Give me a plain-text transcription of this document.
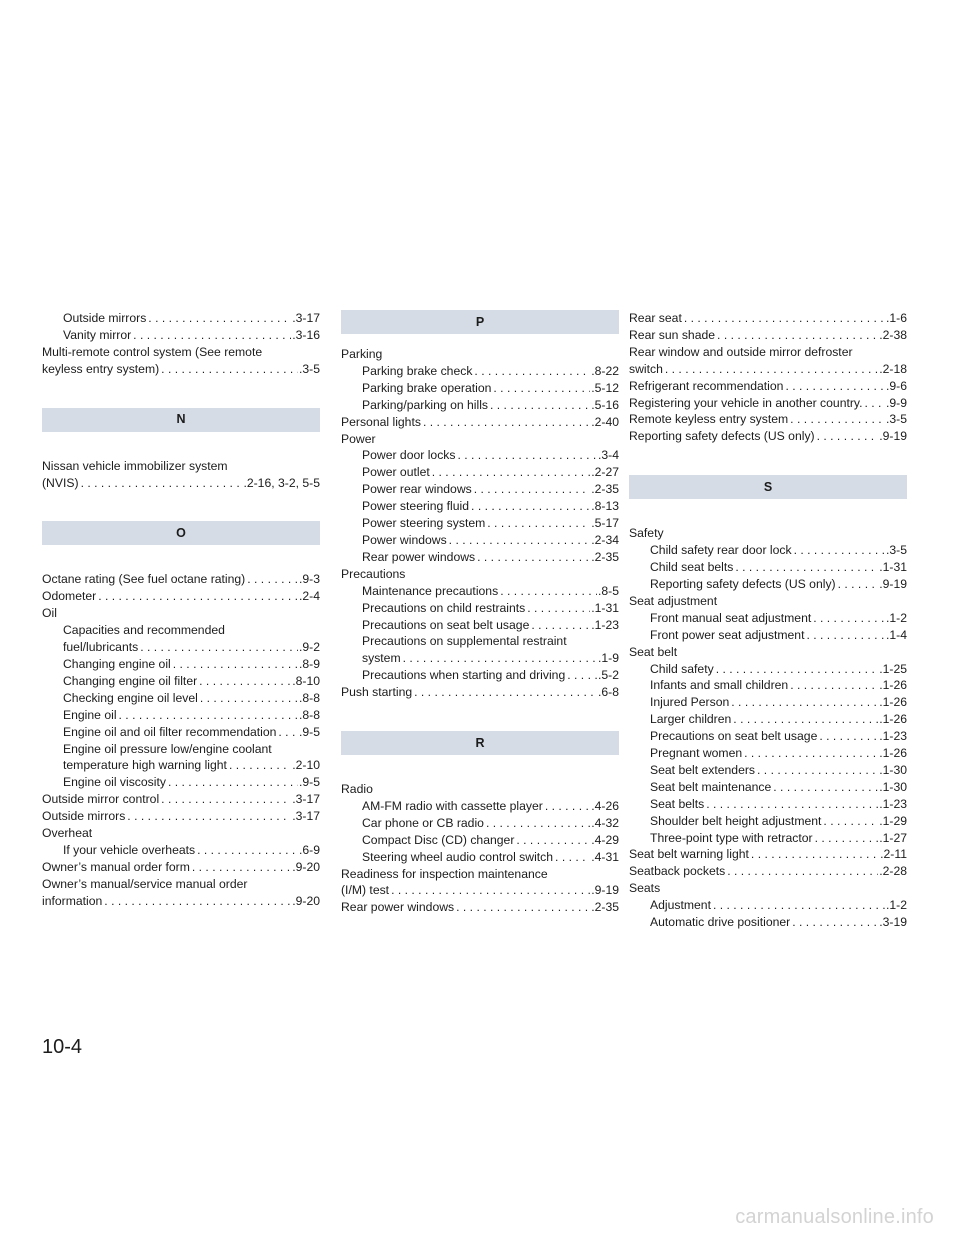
Outside mirrors . . .	.3-17
Vanity mirror . . .	.3-16
Multi-remote control system (See remote
keyless entry system) . . .	.3-5
N
Nissan vehicle immobilizer system
(NVIS) . . .	.2-16, 3-2, 5-5
O
Octane rating (See fuel octane rating) . . .	.9-3
Odometer . . .	.2-4
Oil
Capacities and recommended
fuel/lubricants . . .	.9-2
Changing engine oil . . .	.8-9
Changing engine oil filter . . .	.8-10
Checking engine oil level . . .	.8-8
Engine oil . . .	.8-8
Engine oil and oil filter recommendation . . . .9-5
Engine oil pressure low/engine coolant
temperature high warning light . . .	.2-10
Engine oil viscosity . . .	.9-5
Outside mirror control . . .	.3-17
Outside mirrors . . .	.3-17
Overheat
If your vehicle overheats . . .	.6-9
Owner’s manual order form . . .	.9-20
Owner’s manual/service manual order
information . . .	.9-20
P
Parking
Parking brake check . . .	.8-22
Parking brake operation . . .	.5-12
Parking/parking on hills . . .	.5-16
Personal lights . . .	.2-40
Power
Power door locks . . .	.3-4
Power outlet . . .	.2-27
Power rear windows . . .	.2-35
Power steering fluid . . .	.8-13
Power steering system . . .	.5-17
Power windows . . .	.2-34
Rear power windows . . .	.2-35
Precautions
Maintenance precautions . . .	.8-5
Precautions on child restraints . . .	.1-31
Precautions on seat belt usage . . .	.1-23
Precautions on supplemental restraint
system . . .	.1-9
Precautions when starting and driving . . .	.5-2
Push starting . . .	.6-8
R
Radio
AM-FM radio with cassette player . . .	.4-26
Car phone or CB radio . . .	.4-32
Compact Disc (CD) changer . . .	.4-29
Steering wheel audio control switch . . .	.4-31
Readiness for inspection maintenance
(I/M) test . . .	.9-19
Rear power windows . . .	.2-35
Rear seat . . .	.1-6
Rear sun shade . . .	.2-38
Rear window and outside mirror defroster
switch . . .	.2-18
Refrigerant recommendation . . .	.9-6
Registering your vehicle in another country. . . . .9-9
Remote keyless entry system . . .	.3-5
Reporting safety defects (US only) . . .	.9-19
S
Safety
Child safety rear door lock . . .	.3-5
Child seat belts . . .	.1-31
Reporting safety defects (US only) . . .	.9-19
Seat adjustment
Front manual seat adjustment . . .	.1-2
Front power seat adjustment . . .	.1-4
Seat belt
Child safety . . .	.1-25
Infants and small children . . .	.1-26
Injured Person . . .	.1-26
Larger children . . .	.1-26
Precautions on seat belt usage . . .	.1-23
Pregnant women . . .	.1-26
Seat belt extenders . . .	.1-30
Seat belt maintenance . . .	.1-30
Seat belts . . .	.1-23
Shoulder belt height adjustment . . .	.1-29
Three-point type with retractor . . .	.1-27
Seat belt warning light . . .	.2-11
Seatback pockets . . .	.2-28
Seats
Adjustment . . .	.1-2
Automatic drive positioner . . .	.3-19
10-4
carmanualsonline.info
